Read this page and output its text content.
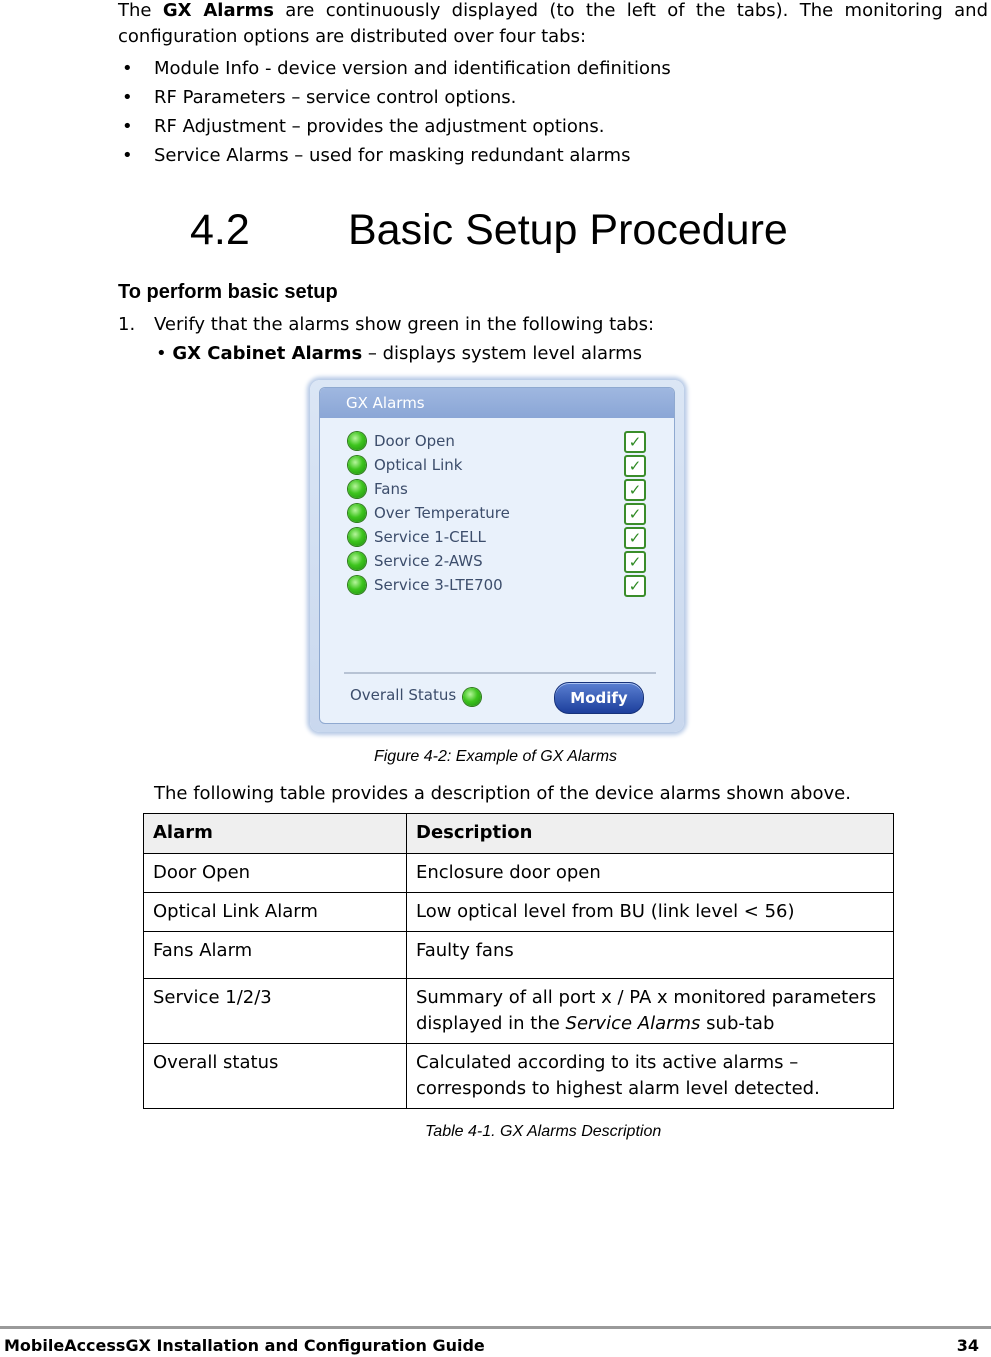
The GX Alarms are continuously displayed (to the left of the tabs). The monitoring and configuration options are distributed over four tabs:
• Module Info - device version and identification definitions
• RF Parameters – service control options.
• RF Adjustment – provides the adjustment options.
• Service Alarms – used for masking redundant alarms
4.2 Basic Setup Procedure
To perform basic setup
1. Verify that the alarms show green in the following tabs:
• GX Cabinet Alarms – displays system level alarms
GX Alarms
Door Open	✓
Optical Link	✓
Fans	✓
Over Temperature	✓
Service 1-CELL	✓
Service 2-AWS	✓
Service 3-LTE700	✓
Overall Status	Modify
Figure 4-2: Example of GX Alarms
The following table provides a description of the device alarms shown above.
Alarm	Description
Door Open	Enclosure door open
Optical Link Alarm	Low optical level from BU (link level < 56)
Fans Alarm	Faulty fans
Service 1/2/3	Summary of all port x / PA x monitored parameters displayed in the Service Alarms sub-tab
Overall status	Calculated according to its active alarms – corresponds to highest alarm level detected.
Table 4-1. GX Alarms Description
MobileAccessGX Installation and Configuration Guide	34
